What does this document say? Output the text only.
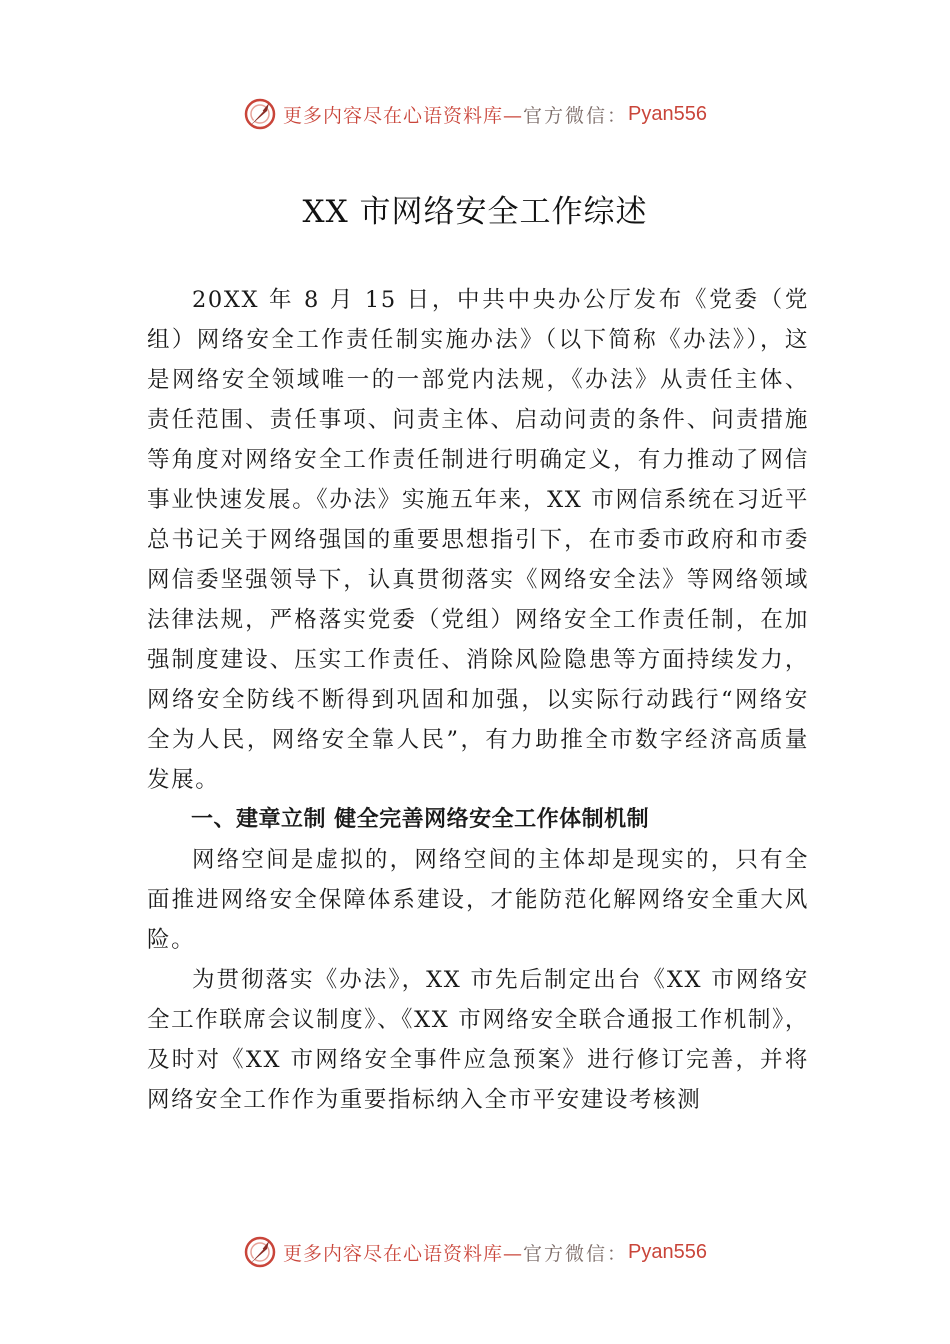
更多内容尽在心语资料库— 官方微信： Pyan556
XX 市网络安全工作综述

20XX 年 8 月 15 日，中共中央办公厅发布《党委（党组）网络安全工作责任制实施办法》（以下简称《办法》），这是网络安全领域唯一的一部党内法规，《办法》从责任主体、责任范围、责任事项、问责主体、启动问责的条件、问责措施等角度对网络安全工作责任制进行明确定义，有力推动了网信事业快速发展。《办法》实施五年来，XX 市网信系统在习近平总书记关于网络强国的重要思想指引下，在市委市政府和市委网信委坚强领导下，认真贯彻落实《网络安全法》等网络领域法律法规，严格落实党委（党组）网络安全工作责任制，在加强制度建设、压实工作责任、消除风险隐患等方面持续发力，网络安全防线不断得到巩固和加强，以实际行动践行“网络安全为人民，网络安全靠人民”，有力助推全市数字经济高质量发展。

一、建章立制 健全完善网络安全工作体制机制

网络空间是虚拟的，网络空间的主体却是现实的，只有全面推进网络安全保障体系建设，才能防范化解网络安全重大风险。

为贯彻落实《办法》，XX 市先后制定出台《XX 市网络安全工作联席会议制度》、《XX 市网络安全联合通报工作机制》，及时对《XX 市网络安全事件应急预案》进行修订完善，并将网络安全工作作为重要指标纳入全市平安建设考核测

更多内容尽在心语资料库— 官方微信： Pyan556
